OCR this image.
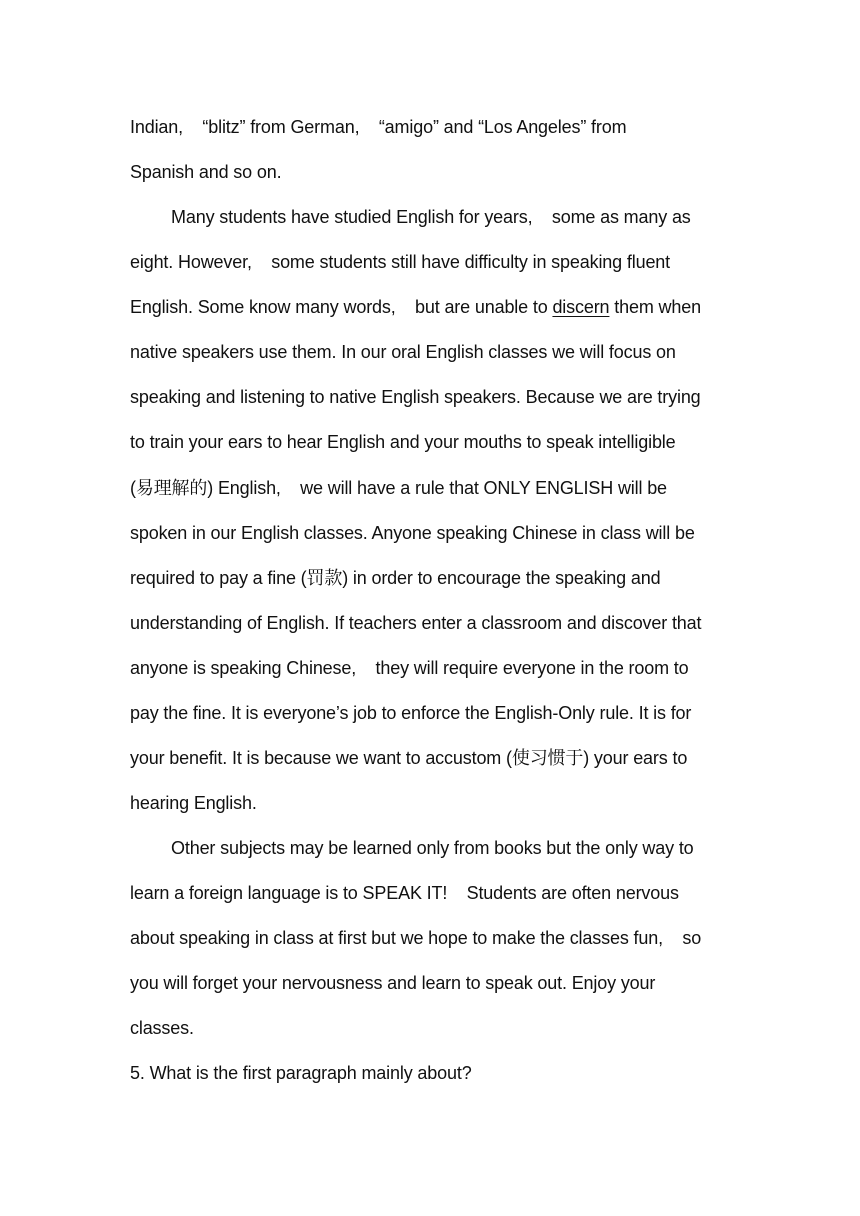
Indian,    “blitz” from German,    “amigo” and “Los Angeles” from
Spanish and so on.
Many students have studied English for years,    some as many as
eight. However,    some students still have difficulty in speaking fluent
English. Some know many words,    but are unable to discern them when
native speakers use them. In our oral English classes we will focus on
speaking and listening to native English speakers. Because we are trying
to train your ears to hear English and your mouths to speak intelligible
(易理解的) English,    we will have a rule that ONLY ENGLISH will be
spoken in our English classes. Anyone speaking Chinese in class will be
required to pay a fine (罚款) in order to encourage the speaking and
understanding of English. If teachers enter a classroom and discover that
anyone is speaking Chinese,    they will require everyone in the room to
pay the fine. It is everyone’s job to enforce the English-Only rule. It is for
your benefit. It is because we want to accustom (使习惯于) your ears to
hearing English.
Other subjects may be learned only from books but the only way to
learn a foreign language is to SPEAK IT!    Students are often nervous
about speaking in class at first but we hope to make the classes fun,    so
you will forget your nervousness and learn to speak out. Enjoy your
classes.
5. What is the first paragraph mainly about?
